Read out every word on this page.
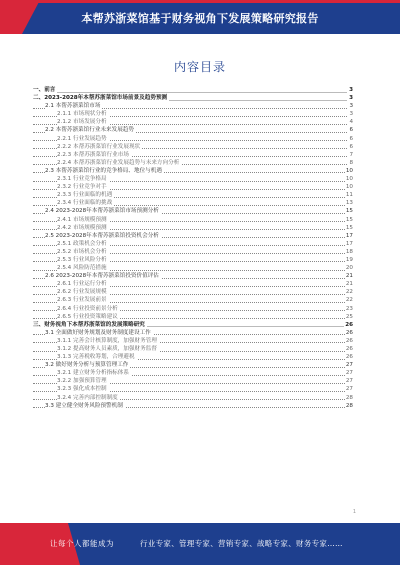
本帮苏浙菜馆基于财务视角下发展策略研究报告
内容目录
一、前言	3
二、2023-2028年本帮苏浙菜馆市场前景及趋势预测	3
2.1 本帮苏浙菜馆市场	3
2.1.1 市场现状分析	3
2.1.2 市场发展分析	4
2.2 本帮苏浙菜馆行业未来发展趋势	6
2.2.1 行业发展趋势	6
2.2.2 本帮苏浙菜馆行业发展现状	6
2.2.3 本帮苏浙菜馆行业市场	7
2.2.4 本帮苏浙菜馆行业发展趋势与未来方向分析	8
2.3 本帮苏浙菜馆行业的竞争格局、地位与机遇	10
2.3.1 行业竞争格局	10
2.3.2 行业竞争对手	10
2.3.3 行业面临的机遇	11
2.3.4 行业面临的挑战	13
2.4 2023-2028年本帮苏浙菜馆市场预测分析	15
2.4.1 市场规模预测	15
2.4.2 市场规模预测	15
2.5 2023-2028年本帮苏浙菜馆投资机会分析	17
2.5.1 政策机会分析	17
2.5.2 市场机会分析	18
2.5.3 行业风险分析	19
2.5.4 风险防范措施	20
2.6 2023-2028年本帮苏浙菜馆投资价值评估	21
2.6.1 行业运行分析	21
2.6.2 行业发展规模	22
2.6.3 行业发展前景	22
2.6.4 行业投资前景分析	23
2.6.5 行业投资策略建议	25
三、财务视角下本帮苏浙菜馆的发展策略研究	26
3.1 全面做好财务规划及财务制度建设工作	26
3.1.1 完善会计核算制度，加强财务管理	26
3.1.2 提高财务人员素质，加强财务监督	26
3.1.3 完善税收筹划，合理避税	26
3.2 做好财务分析与预算管理工作	27
3.2.1 建立财务分析指标体系	27
3.2.2 加强预算管理	27
3.2.3 强化成本控制	27
3.2.4 完善内部控制制度	28
3.3 建立健全财务风险预警机制	28
1
让每个人都能成为	行业专家、管理专家、营销专家、战略专家、财务专家……
